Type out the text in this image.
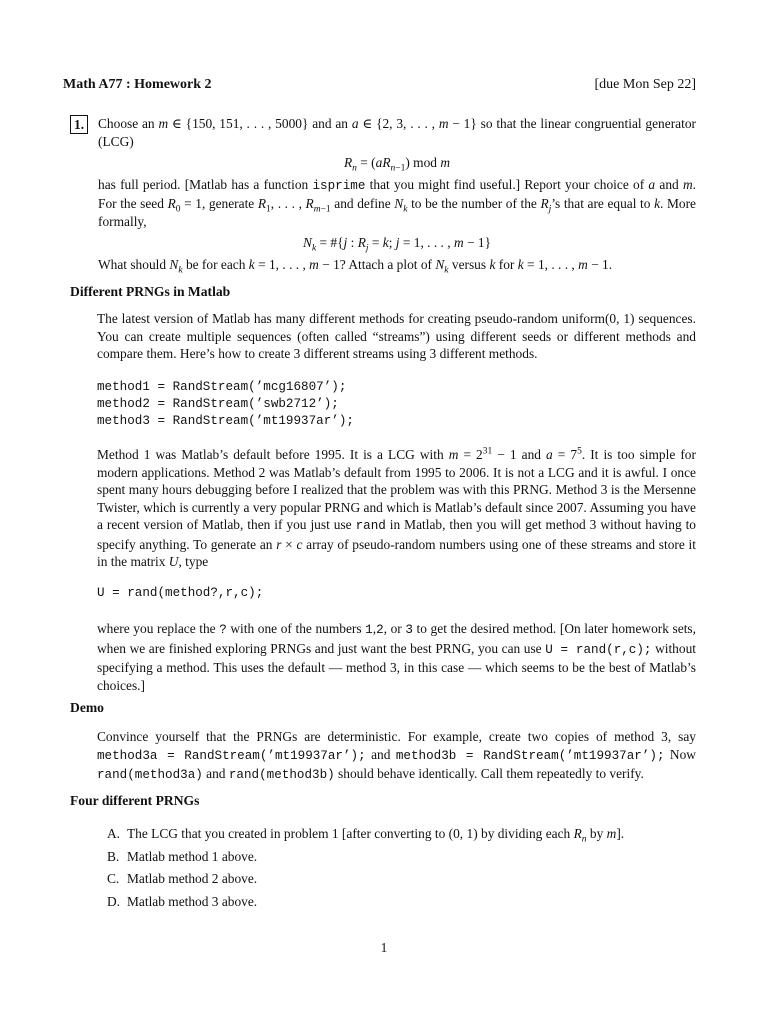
Math A77 : Homework 2	[due Mon Sep 22]
1. Choose an m ∈ {150, 151, . . . , 5000} and an a ∈ {2, 3, . . . , m − 1} so that the linear congruential generator (LCG)

$R_n = (aR_{n-1})$ mod m

has full period. [Matlab has a function isprime that you might find useful.] Report your choice of a and m. For the seed $R_0 = 1$, generate $R_1$, . . . , $R_{m-1}$ and define $N_k$ to be the number of the $R_j’s$ that are equal to k. More formally,

$N_k$ = #{j : $R_j = k$; j = 1, . . . , m − 1}

What should $N_k$ be for each k = 1, . . . , m − 1? Attach a plot of $N_k$ versus k for k = 1, . . . , m − 1.

Different PRNGs in Matlab

The latest version of Matlab has many different methods for creating pseudo-random uniform(0, 1) sequences. You can create multiple sequences (often called “streams”) using different seeds or different methods and compare them. Here’s how to create 3 different streams using 3 different methods.

method1 = RandStream(’mcg16807’);
method2 = RandStream(’swb2712’);
method3 = RandStream(’mt19937ar’);

Method 1 was Matlab’s default before 1995. It is a LCG with $m = 2^{31} - 1$ and $a = 7^5$. It is too simple for modern applications. Method 2 was Matlab’s default from 1995 to 2006. It is not a LCG and it is awful. I once spent many hours debugging before I realized that the problem was with this PRNG. Method 3 is the Mersenne Twister, which is currently a very popular PRNG and which is Matlab’s default since 2007. Assuming you have a recent version of Matlab, then if you just use rand in Matlab, then you will get method 3 without having to specify anything. To generate an r × c array of pseudo-random numbers using one of these streams and store it in the matrix U, type

U = rand(method?,r,c);

where you replace the ? with one of the numbers 1,2, or 3 to get the desired method. [On later homework sets, when we are finished exploring PRNGs and just want the best PRNG, you can use U = rand(r,c); without specifying a method. This uses the default — method 3, in this case — which seems to be the best of Matlab’s choices.]

Demo

Convince yourself that the PRNGs are deterministic. For example, create two copies of method 3, say method3a = RandStream(’mt19937ar’); and method3b = RandStream(’mt19937ar’); Now rand(method3a) and rand(method3b) should behave identically. Call them repeatedly to verify.

Four different PRNGs
A. The LCG that you created in problem 1 [after converting to (0, 1) by dividing each $R_n$ by m].
B. Matlab method 1 above.
C. Matlab method 2 above.
D. Matlab method 3 above.
1
